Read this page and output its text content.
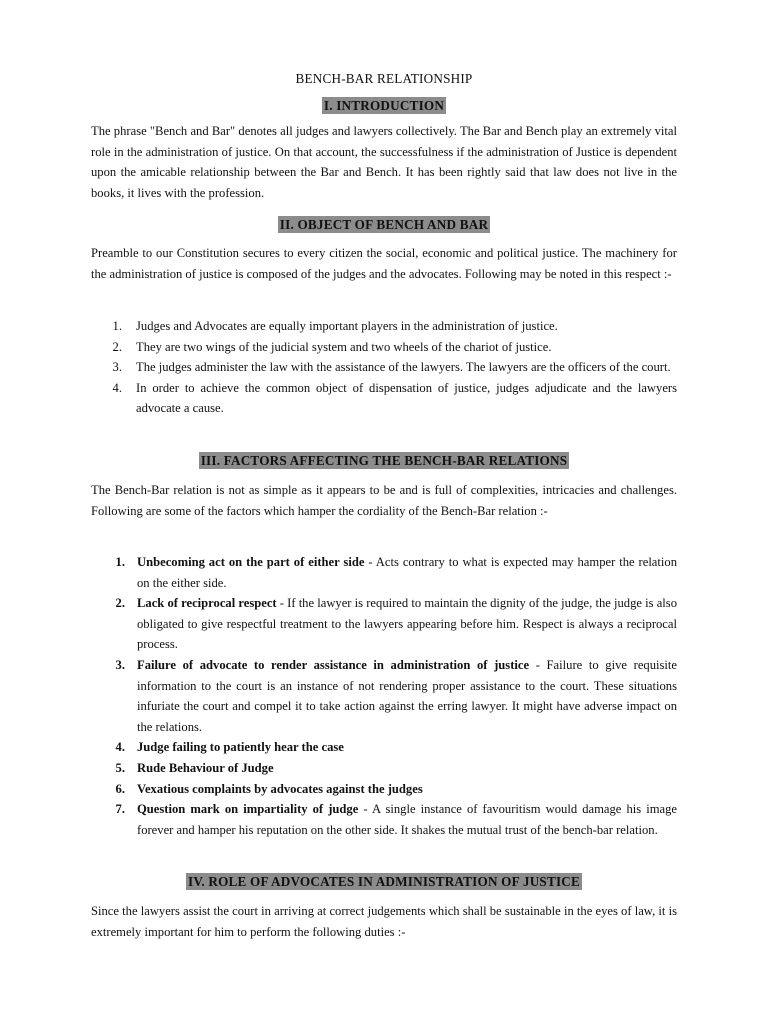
BENCH-BAR RELATIONSHIP
I. INTRODUCTION

The phrase "Bench and Bar" denotes all judges and lawyers collectively. The Bar and Bench play an extremely vital role in the administration of justice. On that account, the successfulness if the administration of Justice is dependent upon the amicable relationship between the Bar and Bench. It has been rightly said that law does not live in the books, it lives with the profession.

II. OBJECT OF BENCH AND BAR

Preamble to our Constitution secures to every citizen the social, economic and political justice. The machinery for the administration of justice is composed of the judges and the advocates. Following may be noted in this respect :-

1. Judges and Advocates are equally important players in the administration of justice.
2. They are two wings of the judicial system and two wheels of the chariot of justice.
3. The judges administer the law with the assistance of the lawyers. The lawyers are the officers of the court.
4. In order to achieve the common object of dispensation of justice, judges adjudicate and the lawyers advocate a cause.
III. FACTORS AFFECTING THE BENCH-BAR RELATIONS

The Bench-Bar relation is not as simple as it appears to be and is full of complexities, intricacies and challenges. Following are some of the factors which hamper the cordiality of the Bench-Bar relation :-

1. Unbecoming act on the part of either side - Acts contrary to what is expected may hamper the relation on the either side.
2. Lack of reciprocal respect - If the lawyer is required to maintain the dignity of the judge, the judge is also obligated to give respectful treatment to the lawyers appearing before him. Respect is always a reciprocal process.
3. Failure of advocate to render assistance in administration of justice - Failure to give requisite information to the court is an instance of not rendering proper assistance to the court. These situations infuriate the court and compel it to take action against the erring lawyer. It might have adverse impact on the relations.
4. Judge failing to patiently hear the case
5. Rude Behaviour of Judge
6. Vexatious complaints by advocates against the judges
7. Question mark on impartiality of judge - A single instance of favouritism would damage his image forever and hamper his reputation on the other side. It shakes the mutual trust of the bench-bar relation.
IV. ROLE OF ADVOCATES IN ADMINISTRATION OF JUSTICE

Since the lawyers assist the court in arriving at correct judgements which shall be sustainable in the eyes of law, it is extremely important for him to perform the following duties :-
